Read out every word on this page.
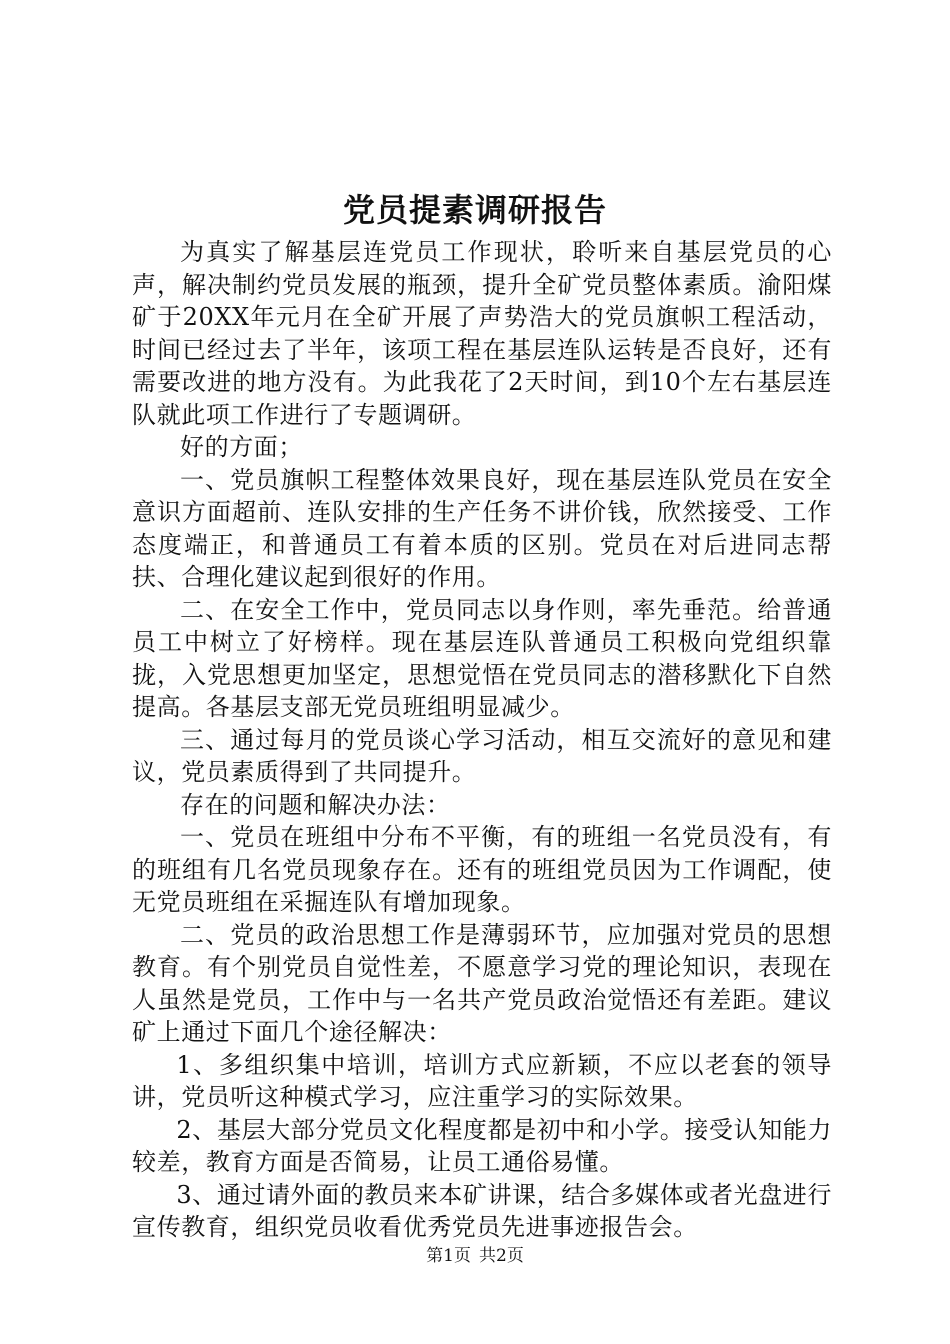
党员提素调研报告

为真实了解基层连党员工作现状，聆听来自基层党员的心声，解决制约党员发展的瓶颈，提升全矿党员整体素质。渝阳煤矿于20XX年元月在全矿开展了声势浩大的党员旗帜工程活动，时间已经过去了半年，该项工程在基层连队运转是否良好，还有需要改进的地方没有。为此我花了2天时间，到10个左右基层连队就此项工作进行了专题调研。

好的方面；

一、党员旗帜工程整体效果良好，现在基层连队党员在安全意识方面超前、连队安排的生产任务不讲价钱，欣然接受、工作态度端正，和普通员工有着本质的区别。党员在对后进同志帮扶、合理化建议起到很好的作用。

二、在安全工作中，党员同志以身作则，率先垂范。给普通员工中树立了好榜样。现在基层连队普通员工积极向党组织靠拢，入党思想更加坚定，思想觉悟在党员同志的潜移默化下自然提高。各基层支部无党员班组明显减少。

三、通过每月的党员谈心学习活动，相互交流好的意见和建议，党员素质得到了共同提升。

存在的问题和解决办法：

一、党员在班组中分布不平衡，有的班组一名党员没有，有的班组有几名党员现象存在。还有的班组党员因为工作调配，使无党员班组在采掘连队有增加现象。

二、党员的政治思想工作是薄弱环节，应加强对党员的思想教育。有个别党员自觉性差，不愿意学习党的理论知识，表现在人虽然是党员，工作中与一名共产党员政治觉悟还有差距。建议矿上通过下面几个途径解决：

1、多组织集中培训，培训方式应新颖，不应以老套的领导讲，党员听这种模式学习，应注重学习的实际效果。

2、基层大部分党员文化程度都是初中和小学。接受认知能力较差，教育方面是否简易，让员工通俗易懂。

3、通过请外面的教员来本矿讲课，结合多媒体或者光盘进行宣传教育，组织党员收看优秀党员先进事迹报告会。

第1页 共2页
